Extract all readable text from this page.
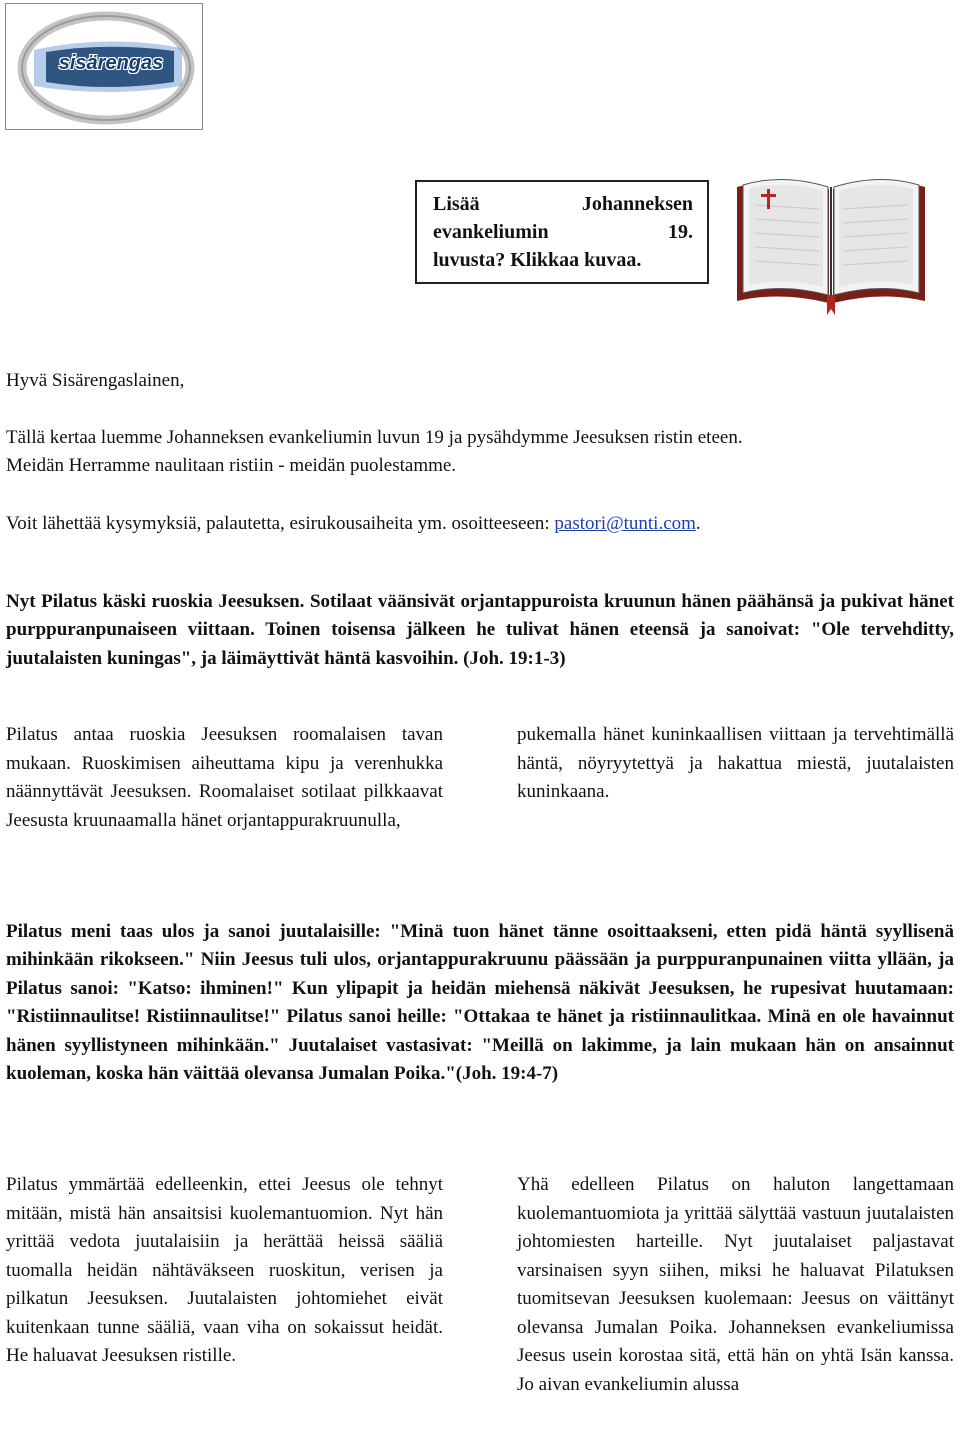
sisärengas
Lisää	Johanneksen
evankeliumin	19.
luvusta? Klikkaa kuvaa.

Hyvä Sisärengaslainen,

Tällä kertaa luemme Johanneksen evankeliumin luvun 19 ja pysähdymme Jeesuksen ristin eteen.

Meidän Herramme naulitaan ristiin - meidän puolestamme.

Voit lähettää kysymyksiä, palautetta, esirukousaiheita ym. osoitteeseen: pastori@tunti.com.

Nyt Pilatus käski ruoskia Jeesuksen. Sotilaat väänsivät orjantappuroista kruunun hänen päähänsä ja pukivat hänet purppuranpunaiseen viittaan. Toinen toisensa jälkeen he tulivat hänen eteensä ja sanoivat: "Ole tervehditty, juutalaisten kuningas", ja läimäyttivät häntä kasvoihin. (Joh. 19:1-3)

Pilatus antaa ruoskia Jeesuksen roomalaisen tavan mukaan. Ruoskimisen aiheuttama kipu ja verenhukka näännyttävät Jeesuksen. Roomalaiset sotilaat pilkkaavat Jeesusta kruunaamalla hänet orjantappurakruunulla,

pukemalla hänet kuninkaallisen viittaan ja tervehtimällä häntä, nöyryytettyä ja hakattua miestä, juutalaisten kuninkaana.

Pilatus meni taas ulos ja sanoi juutalaisille: "Minä tuon hänet tänne osoittaakseni, etten pidä häntä syyllisenä mihinkään rikokseen." Niin Jeesus tuli ulos, orjantappurakruunu päässään ja purppuranpunainen viitta yllään, ja Pilatus sanoi: "Katso: ihminen!" Kun ylipapit ja heidän miehensä näkivät Jeesuksen, he rupesivat huutamaan: "Ristiinnaulitse! Ristiinnaulitse!" Pilatus sanoi heille: "Ottakaa te hänet ja ristiinnaulitkaa. Minä en ole havainnut hänen syyllistyneen mihinkään." Juutalaiset vastasivat: "Meillä on lakimme, ja lain mukaan hän on ansainnut kuoleman, koska hän väittää olevansa Jumalan Poika."(Joh. 19:4-7)

Pilatus ymmärtää edelleenkin, ettei Jeesus ole tehnyt mitään, mistä hän ansaitsisi kuolemantuomion. Nyt hän yrittää vedota juutalaisiin ja herättää heissä sääliä tuomalla heidän nähtäväkseen ruoskitun, verisen ja pilkatun Jeesuksen. Juutalaisten johtomiehet eivät kuitenkaan tunne sääliä, vaan viha on sokaissut heidät. He haluavat Jeesuksen ristille.

Yhä edelleen Pilatus on haluton langettamaan kuolemantuomiota ja yrittää sälyttää vastuun juutalaisten johtomiesten harteille. Nyt juutalaiset paljastavat varsinaisen syyn siihen, miksi he haluavat Pilatuksen tuomitsevan Jeesuksen kuolemaan: Jeesus on väittänyt olevansa Jumalan Poika. Johanneksen evankeliumissa Jeesus usein korostaa sitä, että hän on yhtä Isän kanssa. Jo aivan evankeliumin alussa
